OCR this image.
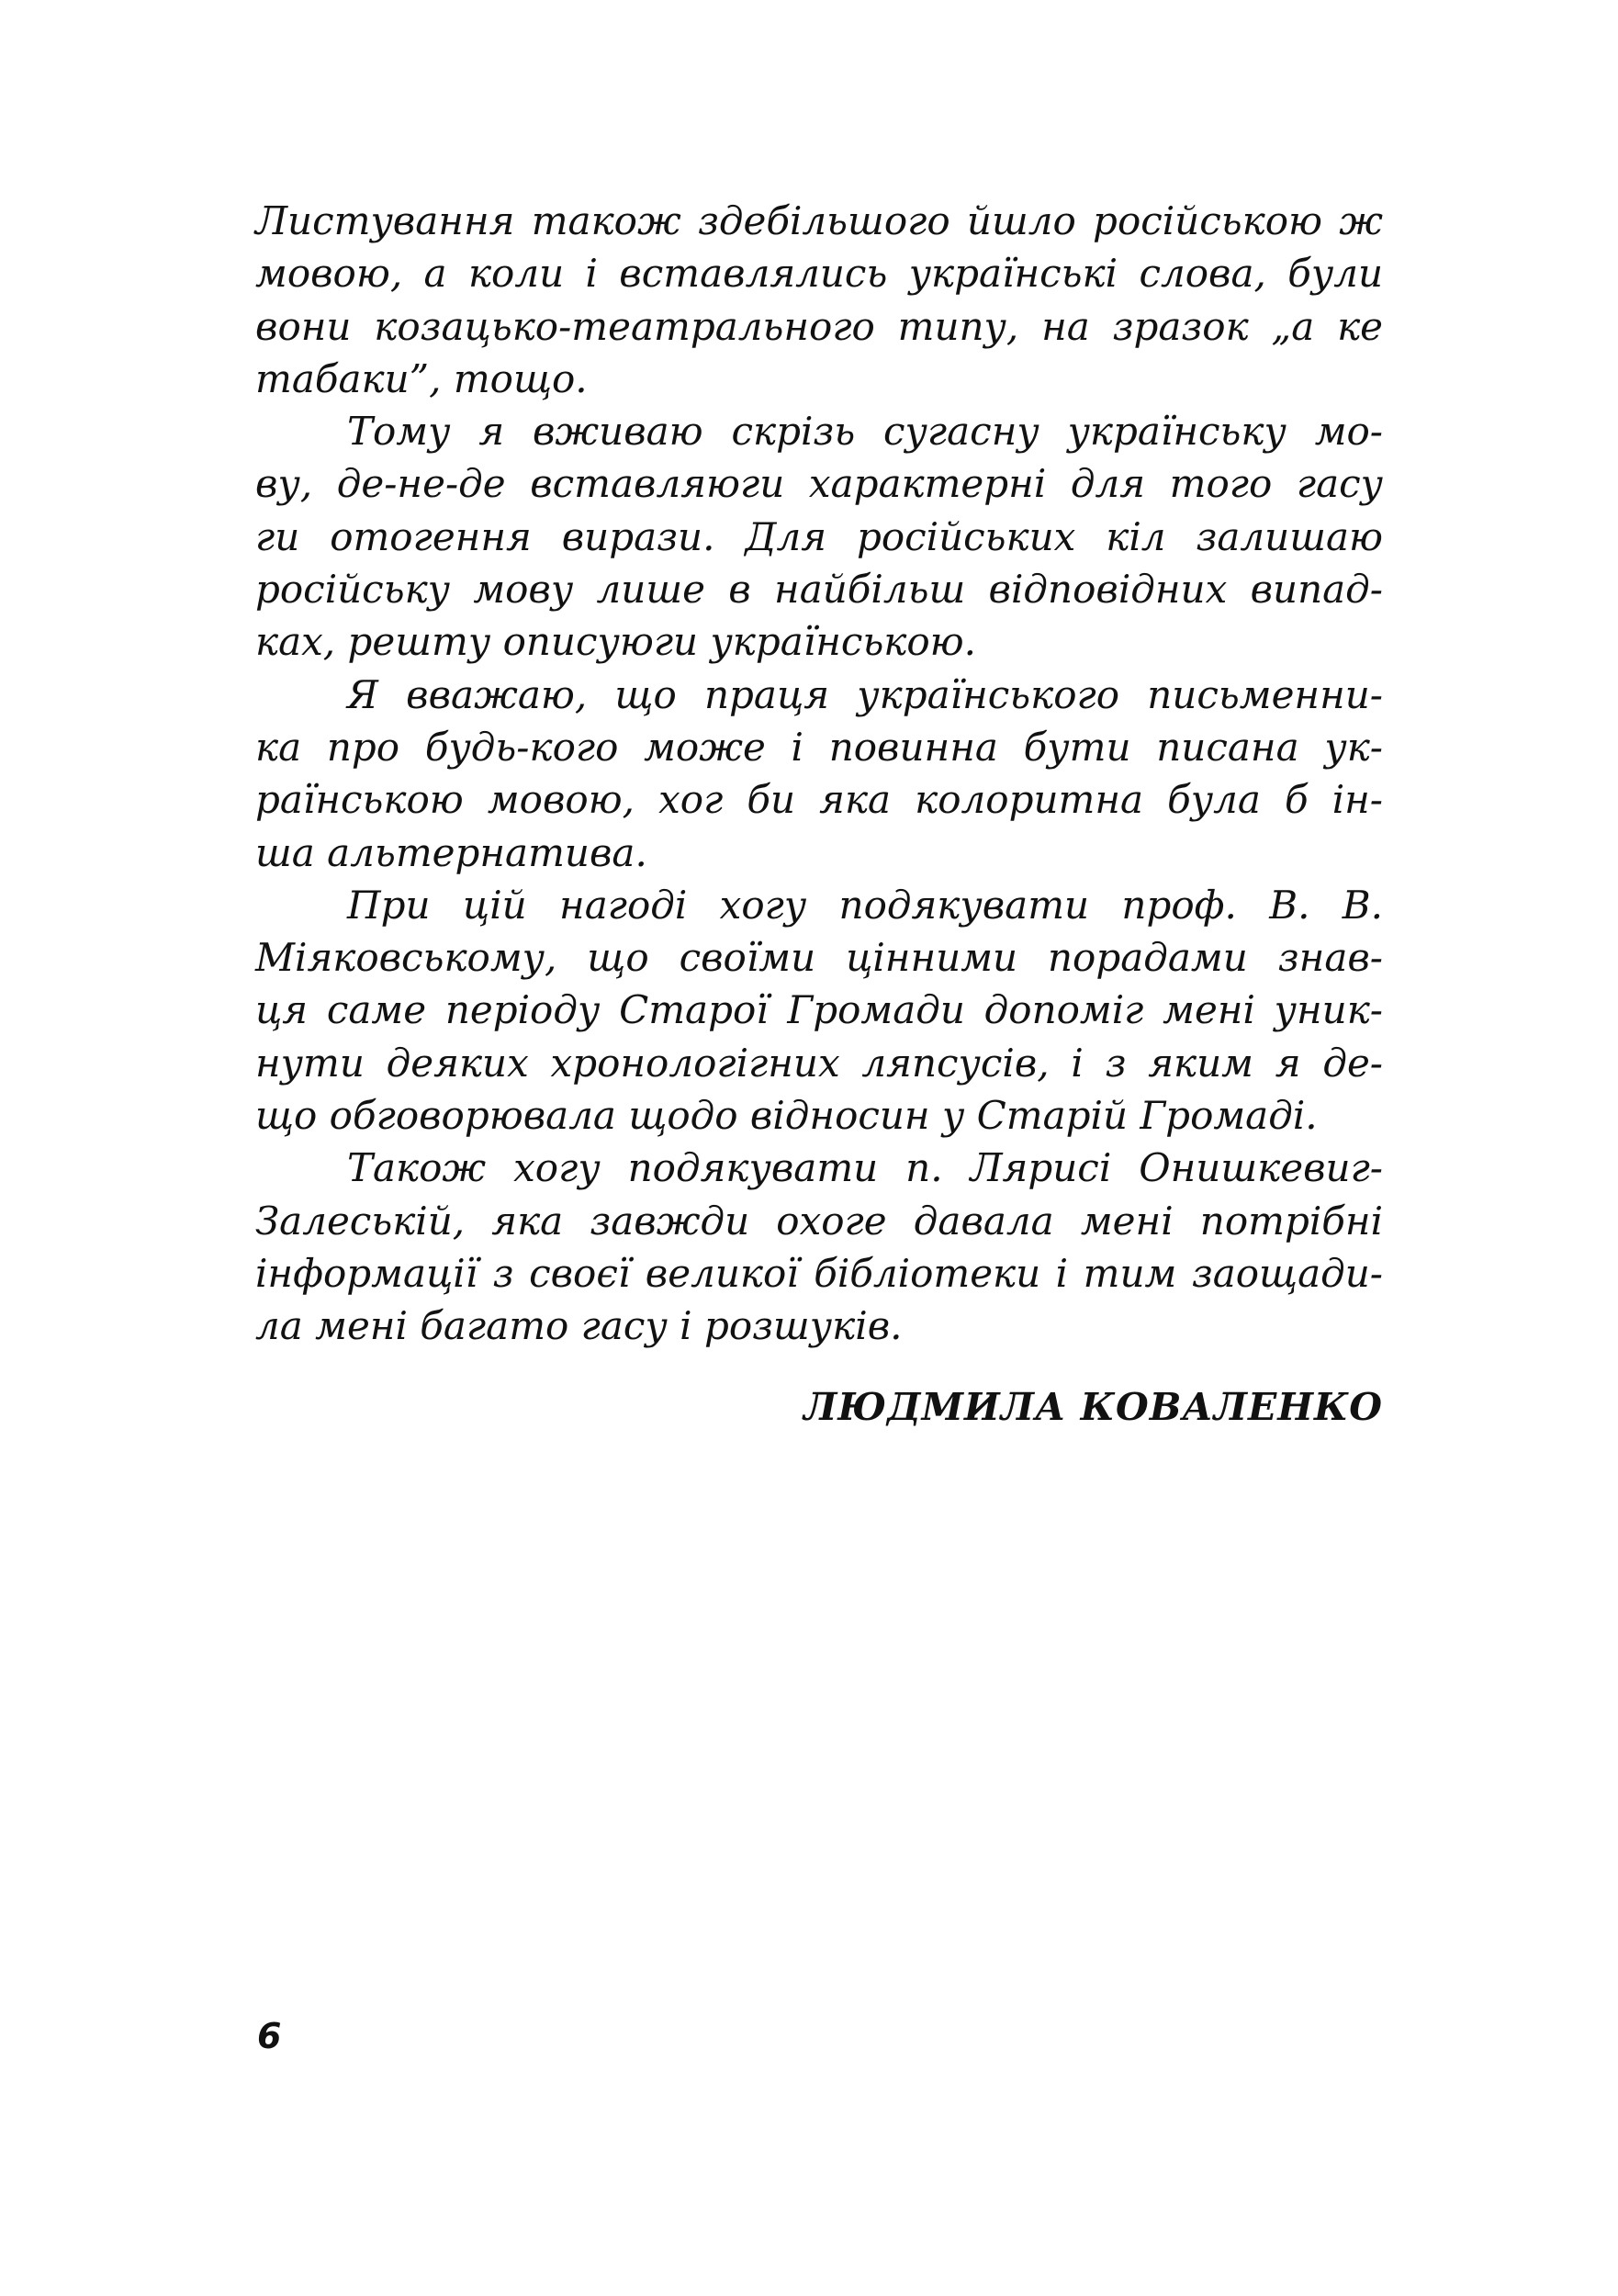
Листування також здебільшого йшло російською ж
мовою, а коли і вставлялись українські слова, були
вони козацько-театрального типу, на зразок „а ке
табаки”, тощо.
Тому я вживаю скрізь сугасну українську мо-
ву, де-не-де вставляюги характерні для того гасу
ги отогення вирази. Для російських кіл залишаю
російську мову лише в найбільш відповідних випад-
ках, решту описуюги українською.
Я вважаю, що праця українського письменни-
ка про будь-кого може і повинна бути писана ук-
раїнською мовою, хог би яка колоритна була б ін-
ша альтернатива.
При цій нагоді хогу подякувати проф. В. В.
Міяковському, що своїми цінними порадами знав-
ця саме періоду Старої Громади допоміг мені уник-
нути деяких хронологігних ляпсусів, і з яким я де-
що обговорювала щодо відносин у Старій Громаді.
Також хогу подякувати п. Лярисі Онишкевиг-
Залеській, яка завжди охоге давала мені потрібні
інформації з своєї великої бібліотеки і тим заощади-
ла мені багато гасу і розшуків.
ЛЮДМИЛА КОВАЛЕНКО
6
